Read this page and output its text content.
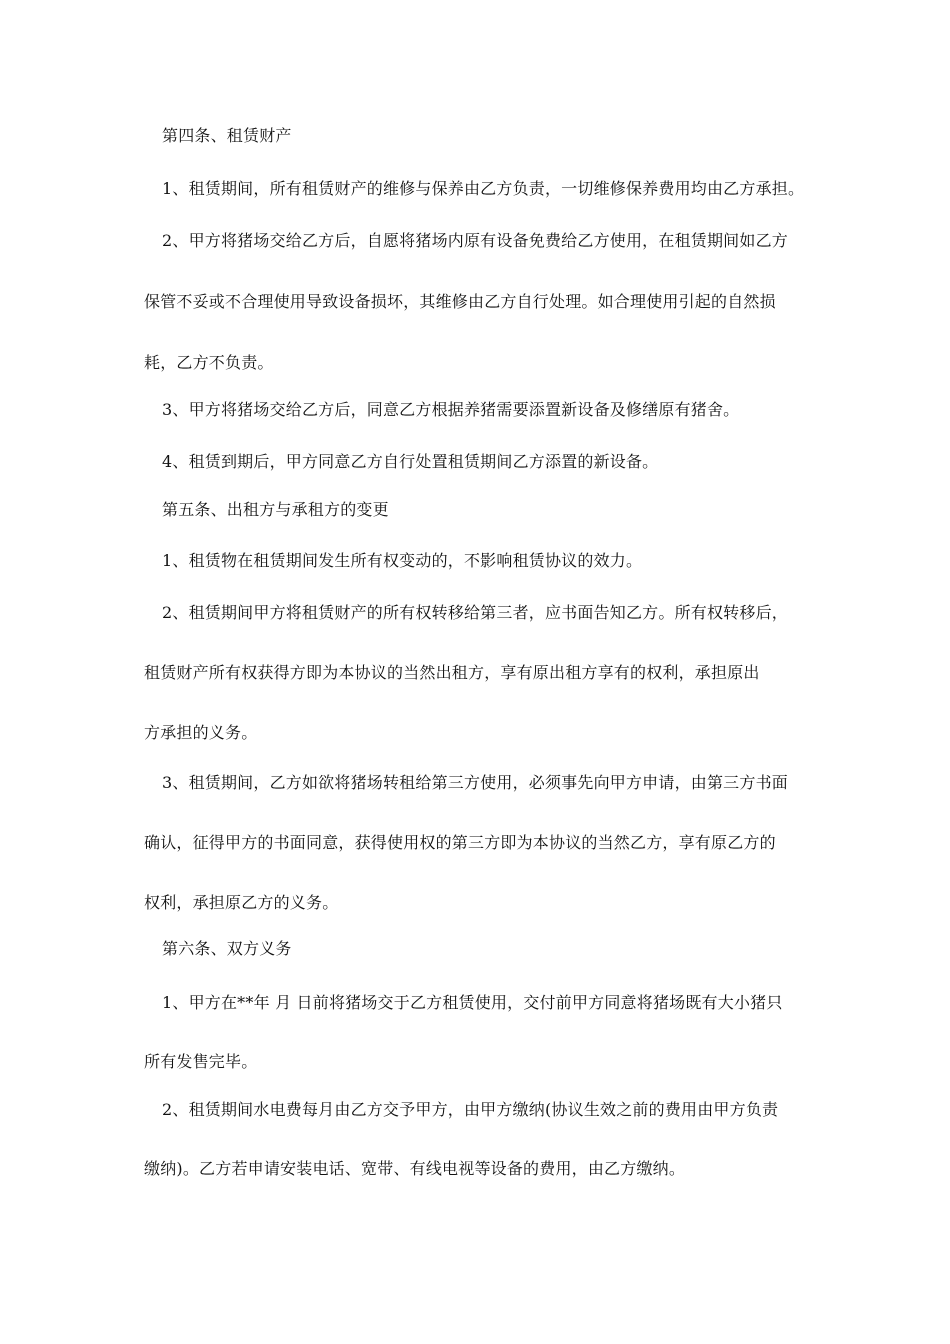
第四条、租赁财产
1、租赁期间，所有租赁财产的维修与保养由乙方负责，一切维修保养费用均由乙方承担。
2、甲方将猪场交给乙方后，自愿将猪场内原有设备免费给乙方使用，在租赁期间如乙方
保管不妥或不合理使用导致设备损坏，其维修由乙方自行处理。如合理使用引起的自然损
耗，乙方不负责。
3、甲方将猪场交给乙方后，同意乙方根据养猪需要添置新设备及修缮原有猪舍。
4、租赁到期后，甲方同意乙方自行处置租赁期间乙方添置的新设备。
第五条、出租方与承租方的变更
1、租赁物在租赁期间发生所有权变动的，不影响租赁协议的效力。
2、租赁期间甲方将租赁财产的所有权转移给第三者，应书面告知乙方。所有权转移后，
租赁财产所有权获得方即为本协议的当然出租方，享有原出租方享有的权利，承担原出
方承担的义务。
3、租赁期间，乙方如欲将猪场转租给第三方使用，必须事先向甲方申请，由第三方书面
确认，征得甲方的书面同意，获得使用权的第三方即为本协议的当然乙方，享有原乙方的
权利，承担原乙方的义务。
第六条、双方义务
1、甲方在**年 月 日前将猪场交于乙方租赁使用，交付前甲方同意将猪场既有大小猪只
所有发售完毕。
2、租赁期间水电费每月由乙方交予甲方，由甲方缴纳(协议生效之前的费用由甲方负责
缴纳)。乙方若申请安装电话、宽带、有线电视等设备的费用，由乙方缴纳。
